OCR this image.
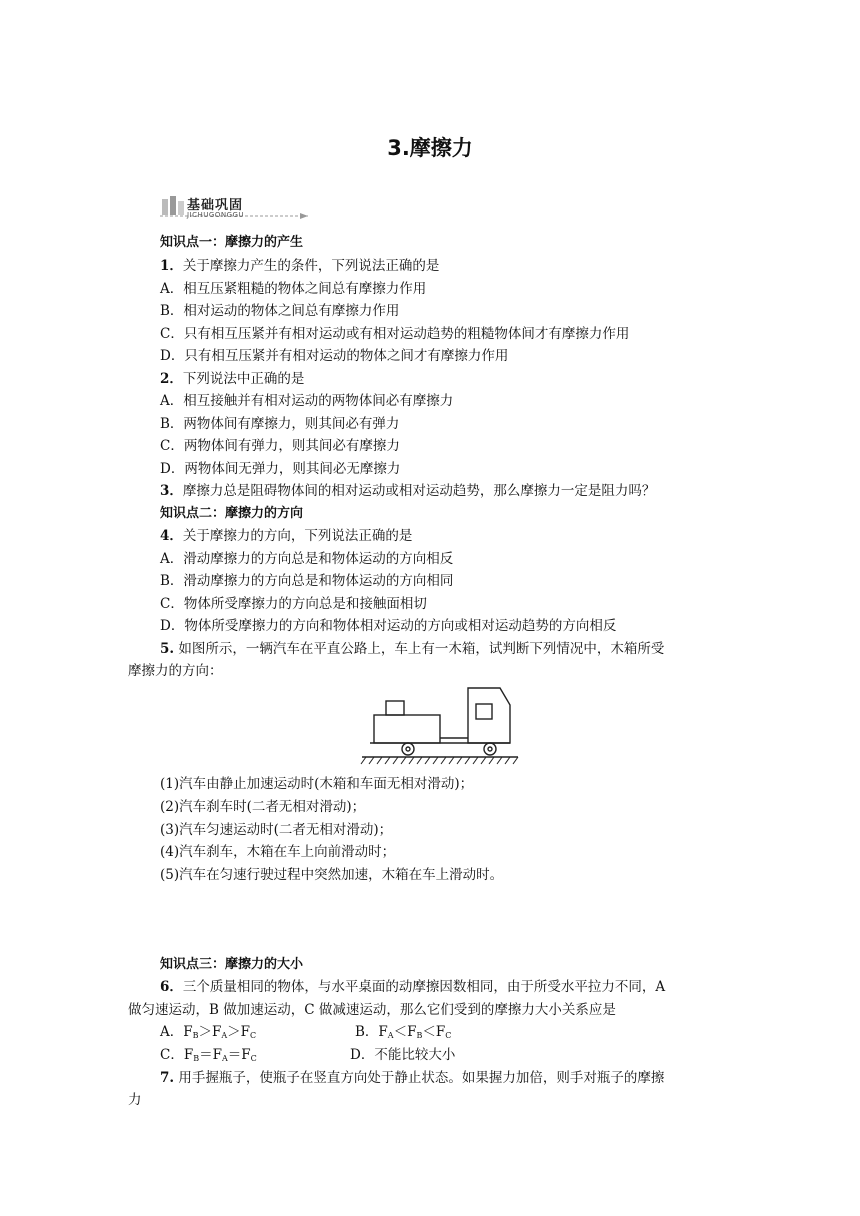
3.摩擦力
基础巩固
JICHUGONGGU
知识点一：摩擦力的产生
1．关于摩擦力产生的条件，下列说法正确的是
A．相互压紧粗糙的物体之间总有摩擦力作用
B．相对运动的物体之间总有摩擦力作用
C．只有相互压紧并有相对运动或有相对运动趋势的粗糙物体间才有摩擦力作用
D．只有相互压紧并有相对运动的物体之间才有摩擦力作用
2．下列说法中正确的是
A．相互接触并有相对运动的两物体间必有摩擦力
B．两物体间有摩擦力，则其间必有弹力
C．两物体间有弹力，则其间必有摩擦力
D．两物体间无弹力，则其间必无摩擦力
3．摩擦力总是阻碍物体间的相对运动或相对运动趋势，那么摩擦力一定是阻力吗？
知识点二：摩擦力的方向
4．关于摩擦力的方向，下列说法正确的是
A．滑动摩擦力的方向总是和物体运动的方向相反
B．滑动摩擦力的方向总是和物体运动的方向相同
C．物体所受摩擦力的方向总是和接触面相切
D．物体所受摩擦力的方向和物体相对运动的方向或相对运动趋势的方向相反
5. 如图所示，一辆汽车在平直公路上，车上有一木箱，试判断下列情况中，木箱所受
摩擦力的方向：
(1)汽车由静止加速运动时(木箱和车面无相对滑动)；
(2)汽车刹车时(二者无相对滑动)；
(3)汽车匀速运动时(二者无相对滑动)；
(4)汽车刹车，木箱在车上向前滑动时；
(5)汽车在匀速行驶过程中突然加速，木箱在车上滑动时。
知识点三：摩擦力的大小
6．三个质量相同的物体，与水平桌面的动摩擦因数相同，由于所受水平拉力不同，A
做匀速运动，B 做加速运动，C 做减速运动，那么它们受到的摩擦力大小关系应是
A．$F_B>F_A>F_C$	B．$F_A<F_B<F_C$
C．$F_B=F_A=F_C$	D．不能比较大小
7. 用手握瓶子，使瓶子在竖直方向处于静止状态。如果握力加倍，则手对瓶子的摩擦
力
